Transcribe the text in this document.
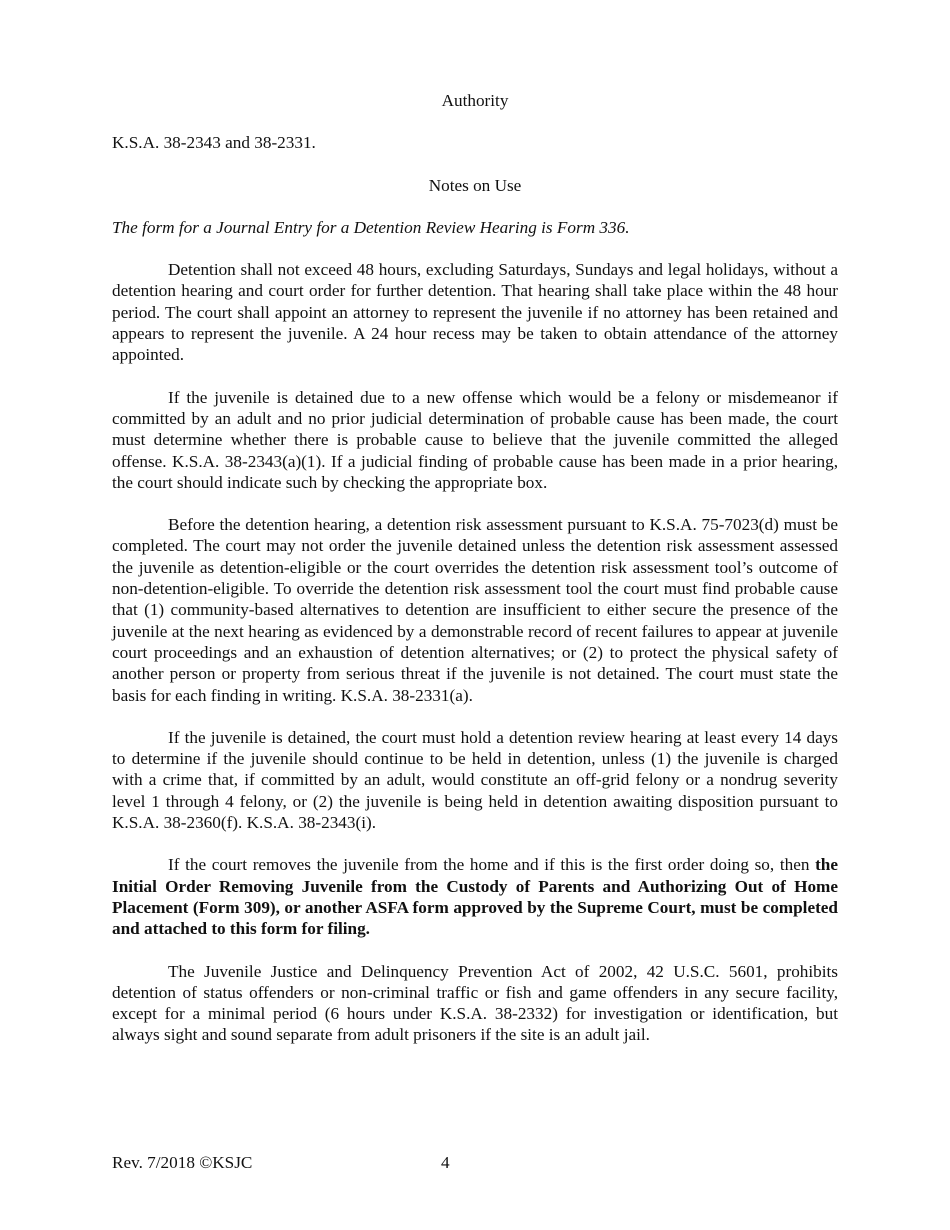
Authority
K.S.A. 38-2343 and 38-2331.
Notes on Use
The form for a Journal Entry for a Detention Review Hearing is Form 336.

Detention shall not exceed 48 hours, excluding Saturdays, Sundays and legal holidays, without a detention hearing and court order for further detention. That hearing shall take place within the 48 hour period. The court shall appoint an attorney to represent the juvenile if no attorney has been retained and appears to represent the juvenile. A 24 hour recess may be taken to obtain attendance of the attorney appointed.

If the juvenile is detained due to a new offense which would be a felony or misdemeanor if committed by an adult and no prior judicial determination of probable cause has been made, the court must determine whether there is probable cause to believe that the juvenile committed the alleged offense. K.S.A. 38-2343(a)(1). If a judicial finding of probable cause has been made in a prior hearing, the court should indicate such by checking the appropriate box.

Before the detention hearing, a detention risk assessment pursuant to K.S.A. 75-7023(d) must be completed. The court may not order the juvenile detained unless the detention risk assessment assessed the juvenile as detention-eligible or the court overrides the detention risk assessment tool’s outcome of non-detention-eligible. To override the detention risk assessment tool the court must find probable cause that (1) community-based alternatives to detention are insufficient to either secure the presence of the juvenile at the next hearing as evidenced by a demonstrable record of recent failures to appear at juvenile court proceedings and an exhaustion of detention alternatives; or (2) to protect the physical safety of another person or property from serious threat if the juvenile is not detained. The court must state the basis for each finding in writing. K.S.A. 38-2331(a).

If the juvenile is detained, the court must hold a detention review hearing at least every 14 days to determine if the juvenile should continue to be held in detention, unless (1) the juvenile is charged with a crime that, if committed by an adult, would constitute an off-grid felony or a nondrug severity level 1 through 4 felony, or (2) the juvenile is being held in detention awaiting disposition pursuant to K.S.A. 38-2360(f). K.S.A. 38-2343(i).

If the court removes the juvenile from the home and if this is the first order doing so, then the Initial Order Removing Juvenile from the Custody of Parents and Authorizing Out of Home Placement (Form 309), or another ASFA form approved by the Supreme Court, must be completed and attached to this form for filing.

The Juvenile Justice and Delinquency Prevention Act of 2002, 42 U.S.C. 5601, prohibits detention of status offenders or non-criminal traffic or fish and game offenders in any secure facility, except for a minimal period (6 hours under K.S.A. 38-2332) for investigation or identification, but always sight and sound separate from adult prisoners if the site is an adult jail.

Rev. 7/2018 ©KSJC	4
